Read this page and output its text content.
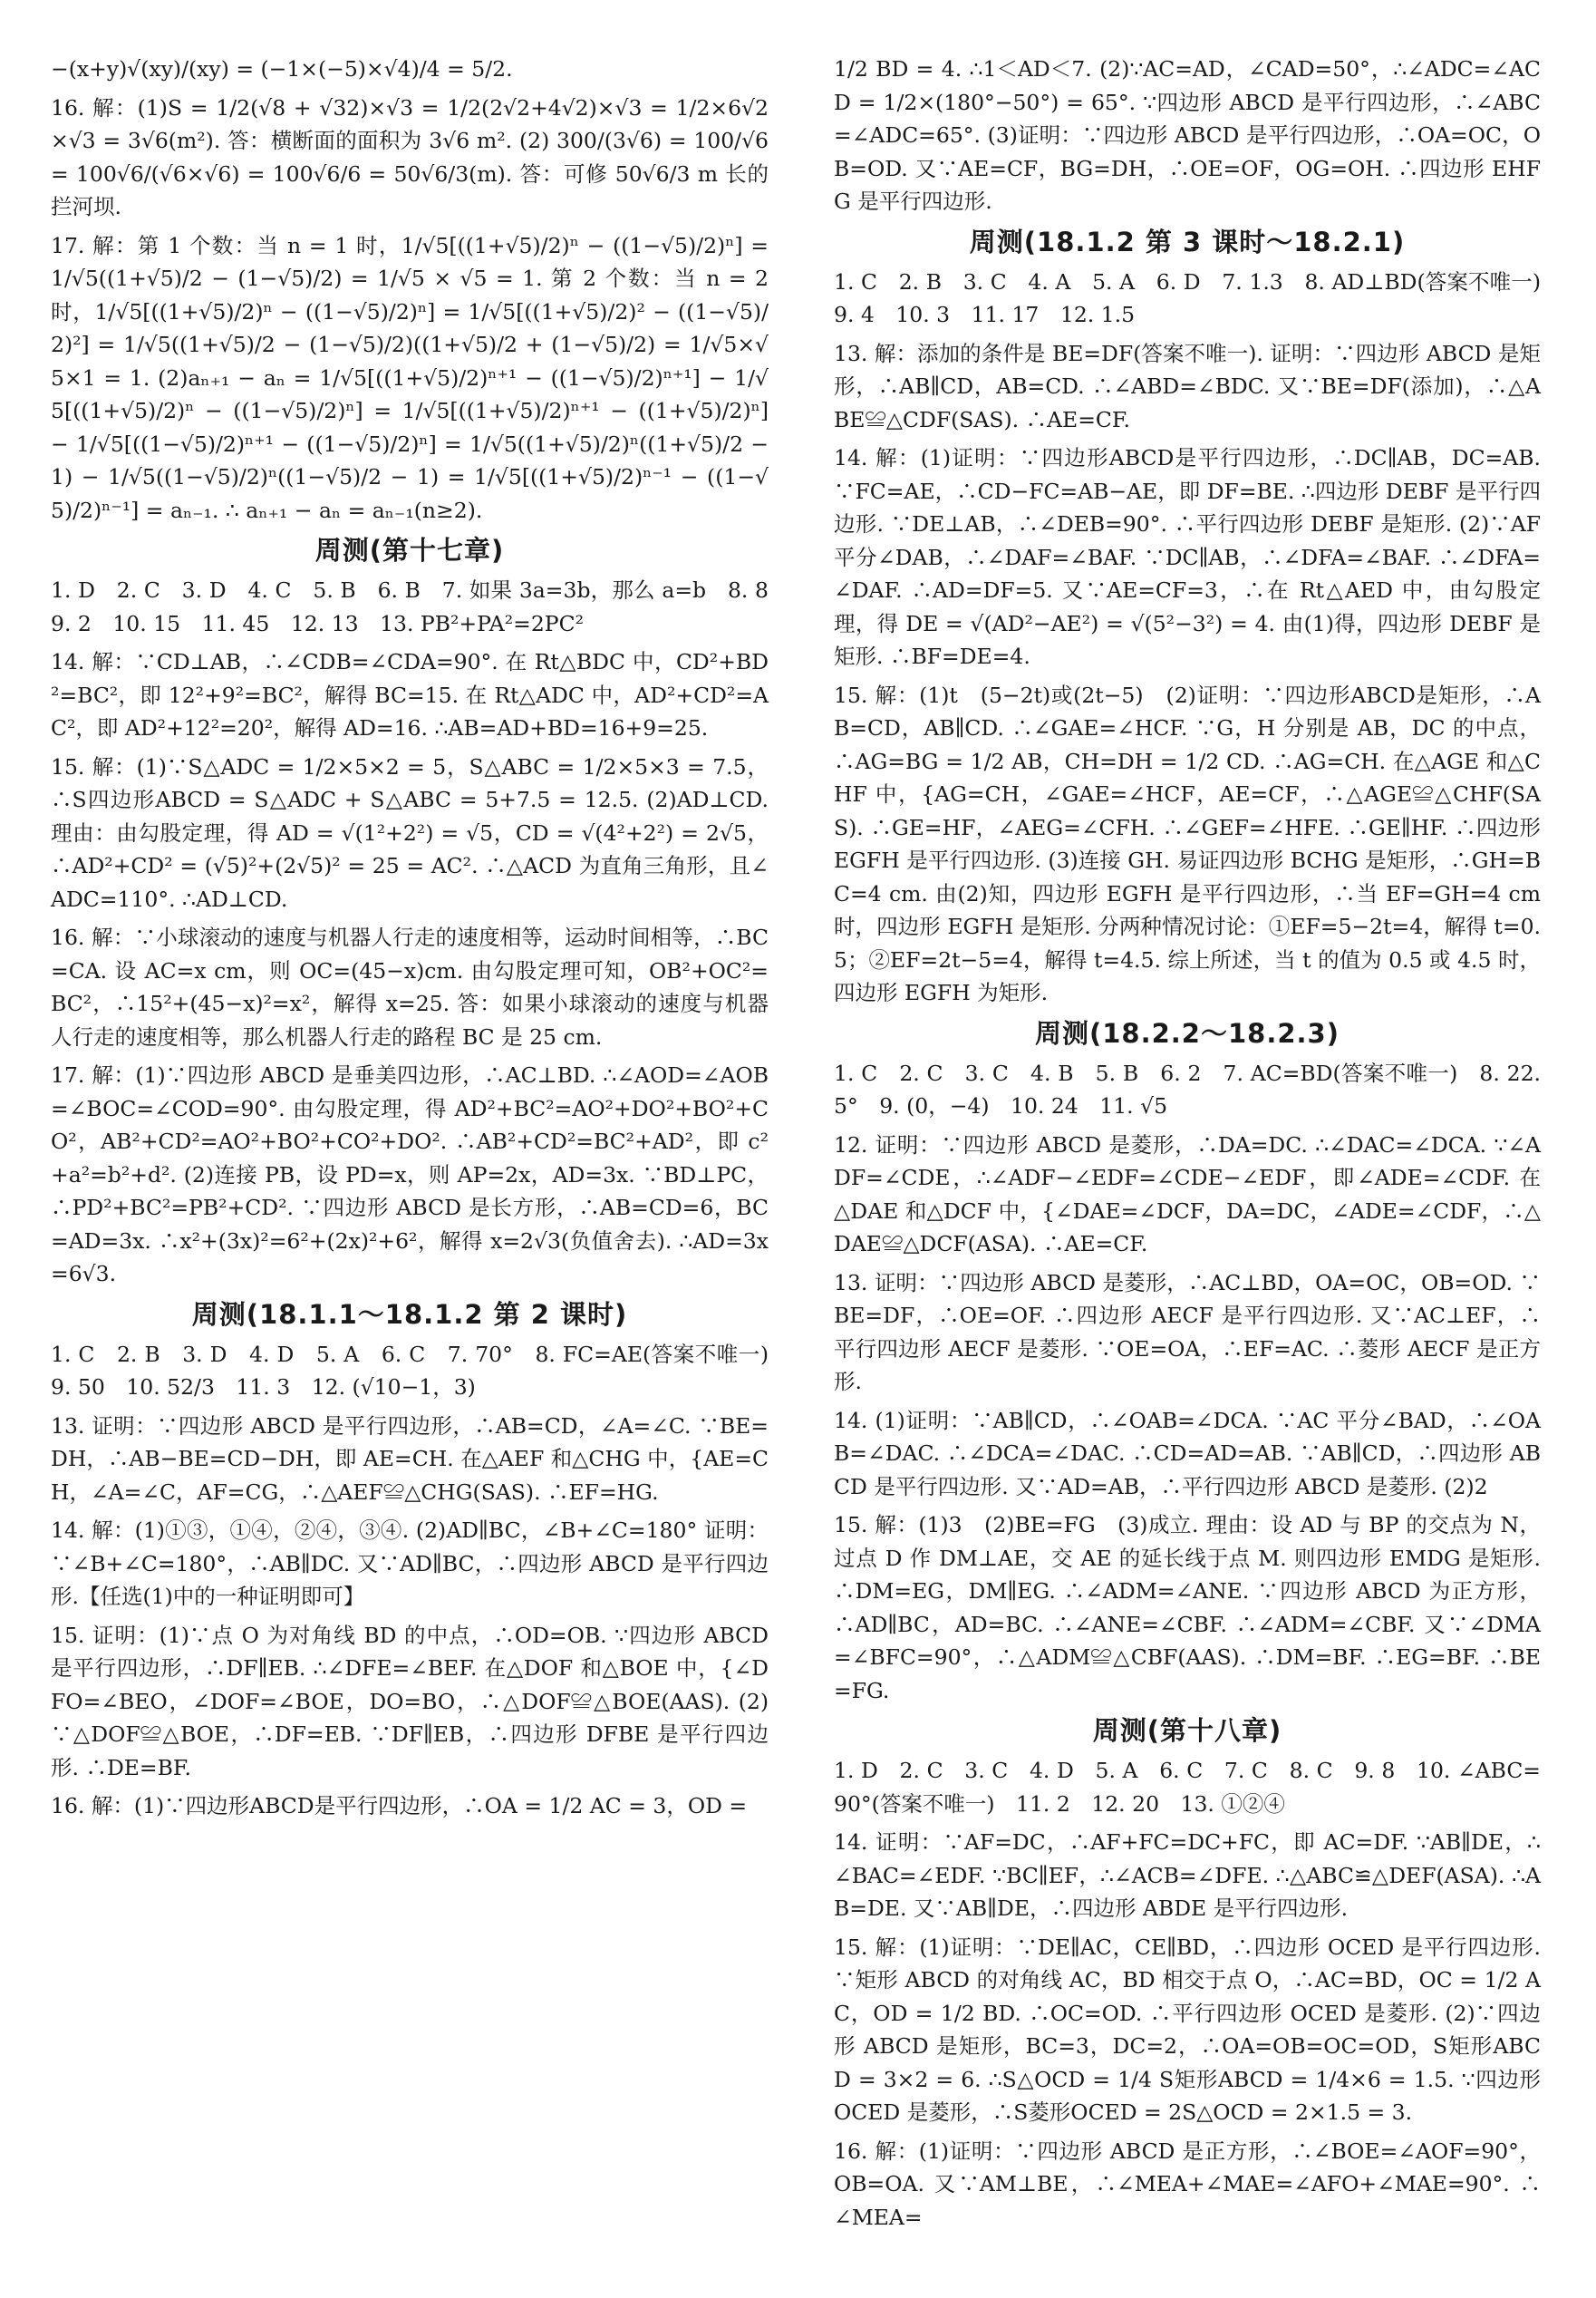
−(x+y)√(xy)/(xy) = (−1×(−5)×√4)/4 = 5/2.

16. 解：(1)S = 1/2(√8 + √32)×√3 = 1/2(2√2+4√2)×√3 = 1/2×6√2×√3 = 3√6(m²). 答：横断面的面积为 3√6 m². (2) 300/(3√6) = 100/√6 = 100√6/(√6×√6) = 100√6/6 = 50√6/3(m). 答：可修 50√6/3 m 长的拦河坝.

17. 解：第 1 个数：当 n = 1 时，1/√5[((1+√5)/2)ⁿ − ((1−√5)/2)ⁿ] = 1/√5((1+√5)/2 − (1−√5)/2) = 1/√5 × √5 = 1. 第 2 个数：当 n = 2 时，1/√5[((1+√5)/2)ⁿ − ((1−√5)/2)ⁿ] = 1/√5[((1+√5)/2)² − ((1−√5)/2)²] = 1/√5((1+√5)/2 − (1−√5)/2)((1+√5)/2 + (1−√5)/2) = 1/√5×√5×1 = 1. (2)aₙ₊₁ − aₙ = 1/√5[((1+√5)/2)ⁿ⁺¹ − ((1−√5)/2)ⁿ⁺¹] − 1/√5[((1+√5)/2)ⁿ − ((1−√5)/2)ⁿ] = 1/√5[((1+√5)/2)ⁿ⁺¹ − ((1+√5)/2)ⁿ] − 1/√5[((1−√5)/2)ⁿ⁺¹ − ((1−√5)/2)ⁿ] = 1/√5((1+√5)/2)ⁿ((1+√5)/2 − 1) − 1/√5((1−√5)/2)ⁿ((1−√5)/2 − 1) = 1/√5[((1+√5)/2)ⁿ⁻¹ − ((1−√5)/2)ⁿ⁻¹] = aₙ₋₁. ∴ aₙ₊₁ − aₙ = aₙ₋₁(n≥2).

周测(第十七章)

1. D　2. C　3. D　4. C　5. B　6. B　7. 如果 3a=3b，那么 a=b　8. 8　9. 2　10. 15　11. 45　12. 13　13. PB²+PA²=2PC²

14. 解：∵CD⊥AB，∴∠CDB=∠CDA=90°. 在 Rt△BDC 中，CD²+BD²=BC²，即 12²+9²=BC²，解得 BC=15. 在 Rt△ADC 中，AD²+CD²=AC²，即 AD²+12²=20²，解得 AD=16. ∴AB=AD+BD=16+9=25.

15. 解：(1)∵S△ADC = 1/2×5×2 = 5，S△ABC = 1/2×5×3 = 7.5，∴S四边形ABCD = S△ADC + S△ABC = 5+7.5 = 12.5. (2)AD⊥CD. 理由：由勾股定理，得 AD = √(1²+2²) = √5，CD = √(4²+2²) = 2√5，∴AD²+CD² = (√5)²+(2√5)² = 25 = AC². ∴△ACD 为直角三角形，且∠ADC=110°. ∴AD⊥CD.

16. 解：∵小球滚动的速度与机器人行走的速度相等，运动时间相等，∴BC=CA. 设 AC=x cm，则 OC=(45−x)cm. 由勾股定理可知，OB²+OC²=BC²，∴15²+(45−x)²=x²，解得 x=25. 答：如果小球滚动的速度与机器人行走的速度相等，那么机器人行走的路程 BC 是 25 cm.

17. 解：(1)∵四边形 ABCD 是垂美四边形，∴AC⊥BD. ∴∠AOD=∠AOB=∠BOC=∠COD=90°. 由勾股定理，得 AD²+BC²=AO²+DO²+BO²+CO²，AB²+CD²=AO²+BO²+CO²+DO². ∴AB²+CD²=BC²+AD²，即 c²+a²=b²+d². (2)连接 PB，设 PD=x，则 AP=2x，AD=3x. ∵BD⊥PC，∴PD²+BC²=PB²+CD². ∵四边形 ABCD 是长方形，∴AB=CD=6，BC=AD=3x. ∴x²+(3x)²=6²+(2x)²+6²，解得 x=2√3(负值舍去). ∴AD=3x=6√3.

周测(18.1.1～18.1.2 第 2 课时)

1. C　2. B　3. D　4. D　5. A　6. C　7. 70°　8. FC=AE(答案不唯一)　9. 50　10. 52/3　11. 3　12. (√10−1，3)

13. 证明：∵四边形 ABCD 是平行四边形，∴AB=CD，∠A=∠C. ∵BE=DH，∴AB−BE=CD−DH，即 AE=CH. 在△AEF 和△CHG 中，{AE=CH，∠A=∠C，AF=CG，∴△AEF≌△CHG(SAS). ∴EF=HG.

14. 解：(1)①③，①④，②④，③④. (2)AD∥BC，∠B+∠C=180° 证明：∵∠B+∠C=180°，∴AB∥DC. 又∵AD∥BC，∴四边形 ABCD 是平行四边形.【任选(1)中的一种证明即可】

15. 证明：(1)∵点 O 为对角线 BD 的中点，∴OD=OB. ∵四边形 ABCD 是平行四边形，∴DF∥EB. ∴∠DFE=∠BEF. 在△DOF 和△BOE 中，{∠DFO=∠BEO，∠DOF=∠BOE，DO=BO，∴△DOF≌△BOE(AAS). (2)∵△DOF≌△BOE，∴DF=EB. ∵DF∥EB，∴四边形 DFBE 是平行四边形. ∴DE=BF.

16. 解：(1)∵四边形ABCD是平行四边形，∴OA = 1/2 AC = 3，OD =

1/2 BD = 4. ∴1＜AD＜7. (2)∵AC=AD，∠CAD=50°，∴∠ADC=∠ACD = 1/2×(180°−50°) = 65°. ∵四边形 ABCD 是平行四边形，∴∠ABC=∠ADC=65°. (3)证明：∵四边形 ABCD 是平行四边形，∴OA=OC，OB=OD. 又∵AE=CF，BG=DH，∴OE=OF，OG=OH. ∴四边形 EHFG 是平行四边形.

周测(18.1.2 第 3 课时～18.2.1)

1. C　2. B　3. C　4. A　5. A　6. D　7. 1.3　8. AD⊥BD(答案不唯一)　9. 4　10. 3　11. 17　12. 1.5

13. 解：添加的条件是 BE=DF(答案不唯一). 证明：∵四边形 ABCD 是矩形，∴AB∥CD，AB=CD. ∴∠ABD=∠BDC. 又∵BE=DF(添加)，∴△ABE≌△CDF(SAS). ∴AE=CF.

14. 解：(1)证明：∵四边形ABCD是平行四边形，∴DC∥AB，DC=AB. ∵FC=AE，∴CD−FC=AB−AE，即 DF=BE. ∴四边形 DEBF 是平行四边形. ∵DE⊥AB，∴∠DEB=90°. ∴平行四边形 DEBF 是矩形. (2)∵AF 平分∠DAB，∴∠DAF=∠BAF. ∵DC∥AB，∴∠DFA=∠BAF. ∴∠DFA=∠DAF. ∴AD=DF=5. 又∵AE=CF=3，∴在 Rt△AED 中，由勾股定理，得 DE = √(AD²−AE²) = √(5²−3²) = 4. 由(1)得，四边形 DEBF 是矩形. ∴BF=DE=4.

15. 解：(1)t　(5−2t)或(2t−5)　(2)证明：∵四边形ABCD是矩形，∴AB=CD，AB∥CD. ∴∠GAE=∠HCF. ∵G，H 分别是 AB，DC 的中点，∴AG=BG = 1/2 AB，CH=DH = 1/2 CD. ∴AG=CH. 在△AGE 和△CHF 中，{AG=CH，∠GAE=∠HCF，AE=CF，∴△AGE≌△CHF(SAS). ∴GE=HF，∠AEG=∠CFH. ∴∠GEF=∠HFE. ∴GE∥HF. ∴四边形 EGFH 是平行四边形. (3)连接 GH. 易证四边形 BCHG 是矩形，∴GH=BC=4 cm. 由(2)知，四边形 EGFH 是平行四边形，∴当 EF=GH=4 cm 时，四边形 EGFH 是矩形. 分两种情况讨论：①EF=5−2t=4，解得 t=0.5；②EF=2t−5=4，解得 t=4.5. 综上所述，当 t 的值为 0.5 或 4.5 时，四边形 EGFH 为矩形.

周测(18.2.2～18.2.3)

1. C　2. C　3. C　4. B　5. B　6. 2　7. AC=BD(答案不唯一)　8. 22.5°　9. (0，−4)　10. 24　11. √5

12. 证明：∵四边形 ABCD 是菱形，∴DA=DC. ∴∠DAC=∠DCA. ∵∠ADF=∠CDE，∴∠ADF−∠EDF=∠CDE−∠EDF，即∠ADE=∠CDF. 在△DAE 和△DCF 中，{∠DAE=∠DCF，DA=DC，∠ADE=∠CDF，∴△DAE≌△DCF(ASA). ∴AE=CF.

13. 证明：∵四边形 ABCD 是菱形，∴AC⊥BD，OA=OC，OB=OD. ∵BE=DF，∴OE=OF. ∴四边形 AECF 是平行四边形. 又∵AC⊥EF，∴平行四边形 AECF 是菱形. ∵OE=OA，∴EF=AC. ∴菱形 AECF 是正方形.

14. (1)证明：∵AB∥CD，∴∠OAB=∠DCA. ∵AC 平分∠BAD，∴∠OAB=∠DAC. ∴∠DCA=∠DAC. ∴CD=AD=AB. ∵AB∥CD，∴四边形 ABCD 是平行四边形. 又∵AD=AB，∴平行四边形 ABCD 是菱形. (2)2

15. 解：(1)3　(2)BE=FG　(3)成立. 理由：设 AD 与 BP 的交点为 N，过点 D 作 DM⊥AE，交 AE 的延长线于点 M. 则四边形 EMDG 是矩形. ∴DM=EG，DM∥EG. ∴∠ADM=∠ANE. ∵四边形 ABCD 为正方形，∴AD∥BC，AD=BC. ∴∠ANE=∠CBF. ∴∠ADM=∠CBF. 又∵∠DMA=∠BFC=90°，∴△ADM≌△CBF(AAS). ∴DM=BF. ∴EG=BF. ∴BE=FG.

周测(第十八章)

1. D　2. C　3. C　4. D　5. A　6. C　7. C　8. C　9. 8　10. ∠ABC=90°(答案不唯一)　11. 2　12. 20　13. ①②④

14. 证明：∵AF=DC，∴AF+FC=DC+FC，即 AC=DF. ∵AB∥DE，∴∠BAC=∠EDF. ∵BC∥EF，∴∠ACB=∠DFE. ∴△ABC≌△DEF(ASA). ∴AB=DE. 又∵AB∥DE，∴四边形 ABDE 是平行四边形.

15. 解：(1)证明：∵DE∥AC，CE∥BD，∴四边形 OCED 是平行四边形. ∵矩形 ABCD 的对角线 AC，BD 相交于点 O，∴AC=BD，OC = 1/2 AC，OD = 1/2 BD. ∴OC=OD. ∴平行四边形 OCED 是菱形. (2)∵四边形 ABCD 是矩形，BC=3，DC=2，∴OA=OB=OC=OD，S矩形ABCD = 3×2 = 6. ∴S△OCD = 1/4 S矩形ABCD = 1/4×6 = 1.5. ∵四边形 OCED 是菱形，∴S菱形OCED = 2S△OCD = 2×1.5 = 3.

16. 解：(1)证明：∵四边形 ABCD 是正方形，∴∠BOE=∠AOF=90°，OB=OA. 又∵AM⊥BE，∴∠MEA+∠MAE=∠AFO+∠MAE=90°. ∴∠MEA=
